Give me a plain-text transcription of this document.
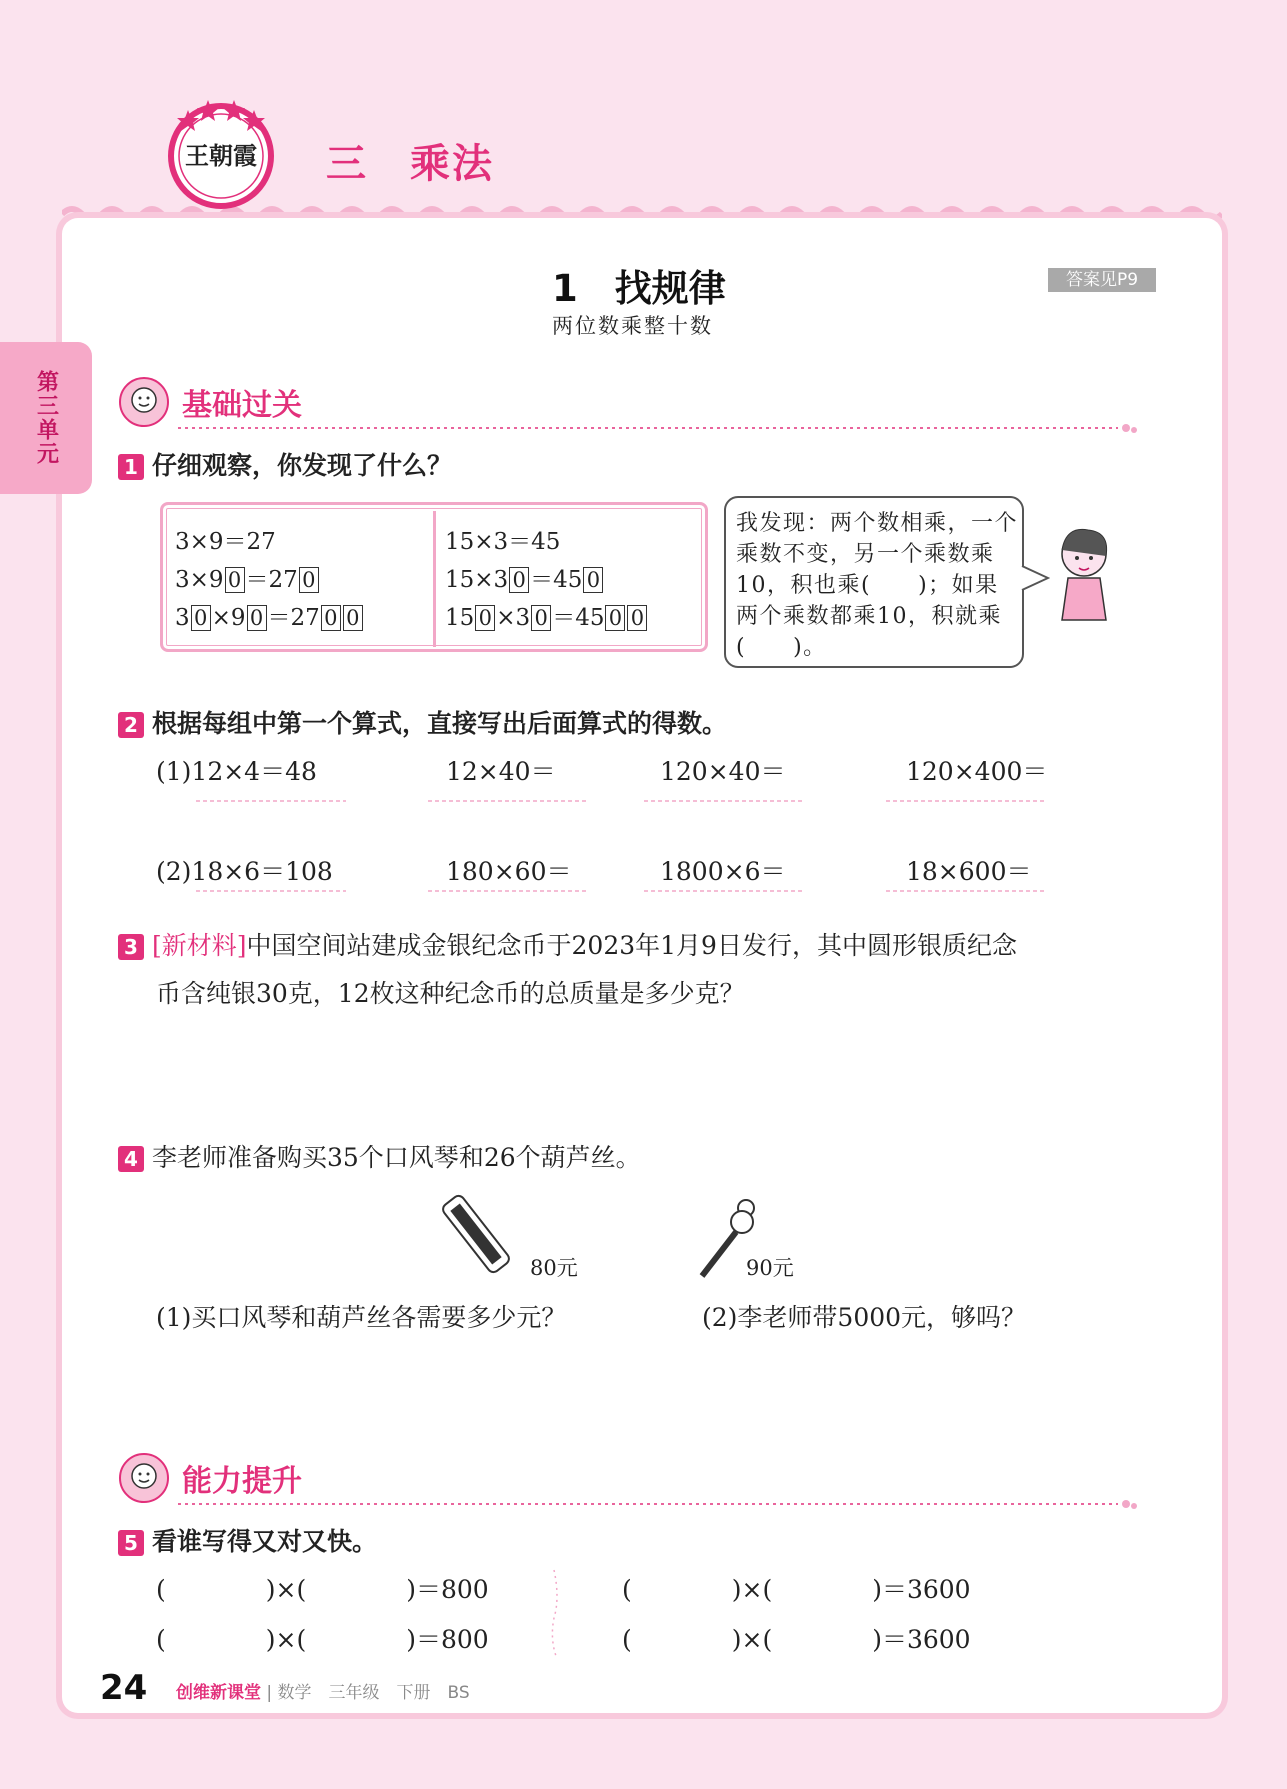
王朝霞 三　乘法
第三单元
1　找规律
两位数乘整十数
答案见P9
基础过关
1 仔细观察，你发现了什么？
3×9＝27
3×9 0 ＝27 0
3 0 ×9 0 ＝27 0 0
15×3＝45
15×3 0 ＝45 0
15 0 ×3 0 ＝45 0 0
我发现：两个数相乘，一个乘数不变，另一个乘数乘10，积也乘(　　)；如果两个乘数都乘10，积就乘(　　)。
2 根据每组中第一个算式，直接写出后面算式的得数。
(1)12×4＝48	12×40＝	120×40＝	120×400＝
(2)18×6＝108	180×60＝	1800×6＝	18×600＝
3 [新材料]中国空间站建成金银纪念币于2023年1月9日发行，其中圆形银质纪念
币含纯银30克，12枚这种纪念币的总质量是多少克？
4 李老师准备购买35个口风琴和26个葫芦丝。
80元	90元
(1)买口风琴和葫芦丝各需要多少元？	(2)李老师带5000元，够吗？
能力提升
5 看谁写得又对又快。
(　　　　)×(　　　　)＝800	(　　　　)×(　　　　)＝3600
(　　　　)×(　　　　)＝800	(　　　　)×(　　　　)＝3600
24 创维新课堂 | 数学　三年级　下册　BS
